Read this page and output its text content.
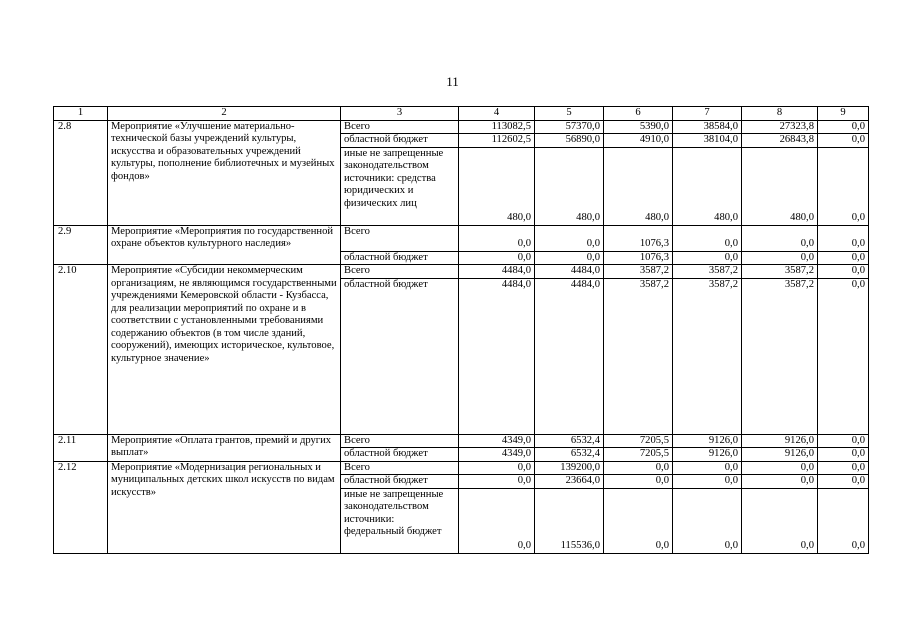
11
1	2	3	4	5	6	7	8	9
2.8	Мероприятие «Улучшение материально-технической базы учреждений культуры, искусства и образовательных учреждений культуры, пополнение библиотечных и музейных фондов»	Всего	113082,5	57370,0	5390,0	38584,0	27323,8	0,0
		областной бюджет	112602,5	56890,0	4910,0	38104,0	26843,8	0,0
		иные не запрещенные законодательством источники: средства юридических и физических лиц	480,0	480,0	480,0	480,0	480,0	0,0
2.9	Мероприятие «Мероприятия по государственной охране объектов культурного наследия»	Всего	0,0	0,0	1076,3	0,0	0,0	0,0
		областной бюджет	0,0	0,0	1076,3	0,0	0,0	0,0
2.10	Мероприятие «Субсидии некоммерческим организациям, не являющимся государственными учреждениями Кемеровской области - Кузбасса, для реализации мероприятий по охране и в соответствии с установленными требованиями содержанию объектов (в том числе зданий, сооружений), имеющих историческое, культовое, культурное значение»	Всего	4484,0	4484,0	3587,2	3587,2	3587,2	0,0
		областной бюджет	4484,0	4484,0	3587,2	3587,2	3587,2	0,0
2.11	Мероприятие «Оплата грантов, премий и других выплат»	Всего	4349,0	6532,4	7205,5	9126,0	9126,0	0,0
		областной бюджет	4349,0	6532,4	7205,5	9126,0	9126,0	0,0
2.12	Мероприятие «Модернизация региональных и муниципальных детских школ искусств по видам искусств»	Всего	0,0	139200,0	0,0	0,0	0,0	0,0
		областной бюджет	0,0	23664,0	0,0	0,0	0,0	0,0
		иные не запрещенные законодательством источники: федеральный бюджет	0,0	115536,0	0,0	0,0	0,0	0,0
